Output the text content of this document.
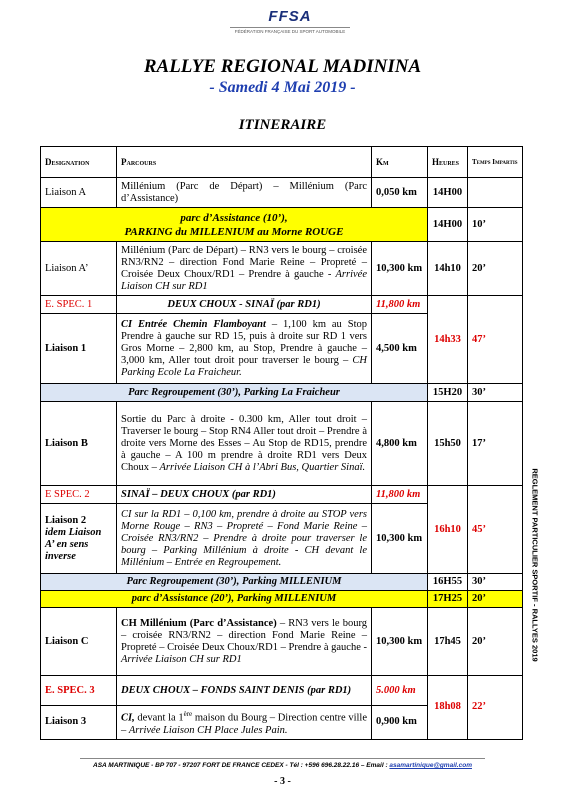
FFSA
FÉDÉRATION FRANÇAISE DU SPORT AUTOMOBILE
RALLYE REGIONAL MADININA
- Samedi 4 Mai 2019 -
ITINERAIRE
Designation	Parcours	Km	Heures	Temps Impartis
Liaison A	Millénium (Parc de Départ) – Millénium (Parc d’Assistance)	0,050 km	14H00	
parc d’Assistance (10’),
PARKING du MILLENIUM au Morne ROUGE			14H00	10’
Liaison A’	Millénium (Parc de Départ) – RN3 vers le bourg – croisée RN3/RN2 – direction Fond Marie Reine – Propreté – Croisée Deux Choux/RD1 – Prendre à gauche - Arrivée Liaison CH sur RD1	10,300 km	14h10	20’
E. SPEC. 1	DEUX CHOUX - SINAÏ (par RD1)	11,800 km	14h33	47’
Liaison 1	CI Entrée Chemin Flamboyant – 1,100 km au Stop Prendre à gauche sur RD 15, puis à droite sur RD 1 vers Gros Morne – 2,800 km, au Stop, Prendre à gauche – 3,000 km, Aller tout droit pour traverser le bourg – CH Parking Ecole La Fraicheur.	4,500 km		
Parc Regroupement (30’), Parking La Fraicheur			15H20	30’
Liaison B	Sortie du Parc à droite - 0.300 km, Aller tout droit – Traverser le bourg – Stop RN4 Aller tout droit – Prendre à droite vers Morne des Esses – Au Stop de RD15, prendre à gauche – A 100 m prendre à droite RD1 vers Deux Choux – Arrivée Liaison CH à l’Abri Bus, Quartier Sinaï.	4,800 km	15h50	17’
E SPEC. 2	SINAÏ – DEUX CHOUX (par RD1)	11,800 km	16h10	45’
Liaison 2
idem Liaison A’ en sens inverse	CI sur la RD1 – 0,100 km, prendre à droite au STOP vers Morne Rouge – RN3 – Propreté – Fond Marie Reine – Croisée RN3/RN2 – Prendre à droite pour traverser le bourg – Parking Millénium à droite - CH devant le Millénium – Entrée en Regroupement.	10,300 km		
Parc Regroupement (30’), Parking MILLENIUM			16H55	30’
parc d’Assistance (20’), Parking MILLENIUM			17H25	20’
Liaison C	CH Millénium (Parc d’Assistance) – RN3 vers le bourg – croisée RN3/RN2 – direction Fond Marie Reine – Propreté – Croisée Deux Choux/RD1 – Prendre à gauche - Arrivée Liaison CH sur RD1	10,300 km	17h45	20’
E. SPEC. 3	DEUX CHOUX – FONDS SAINT DENIS (par RD1)	5.000 km	18h08	22’
Liaison 3	CI, devant la 1ère maison du Bourg – Direction centre ville – Arrivée Liaison CH Place Jules Pain.	0,900 km		
REGLEMENT PARTICULIER SPORTIF - RALLYES 2019
ASA MARTINIQUE - BP 707 - 97207 FORT DE FRANCE CEDEX - Tél : +596 696.28.22.16 – Email : asamartinique@gmail.com
- 3 -
